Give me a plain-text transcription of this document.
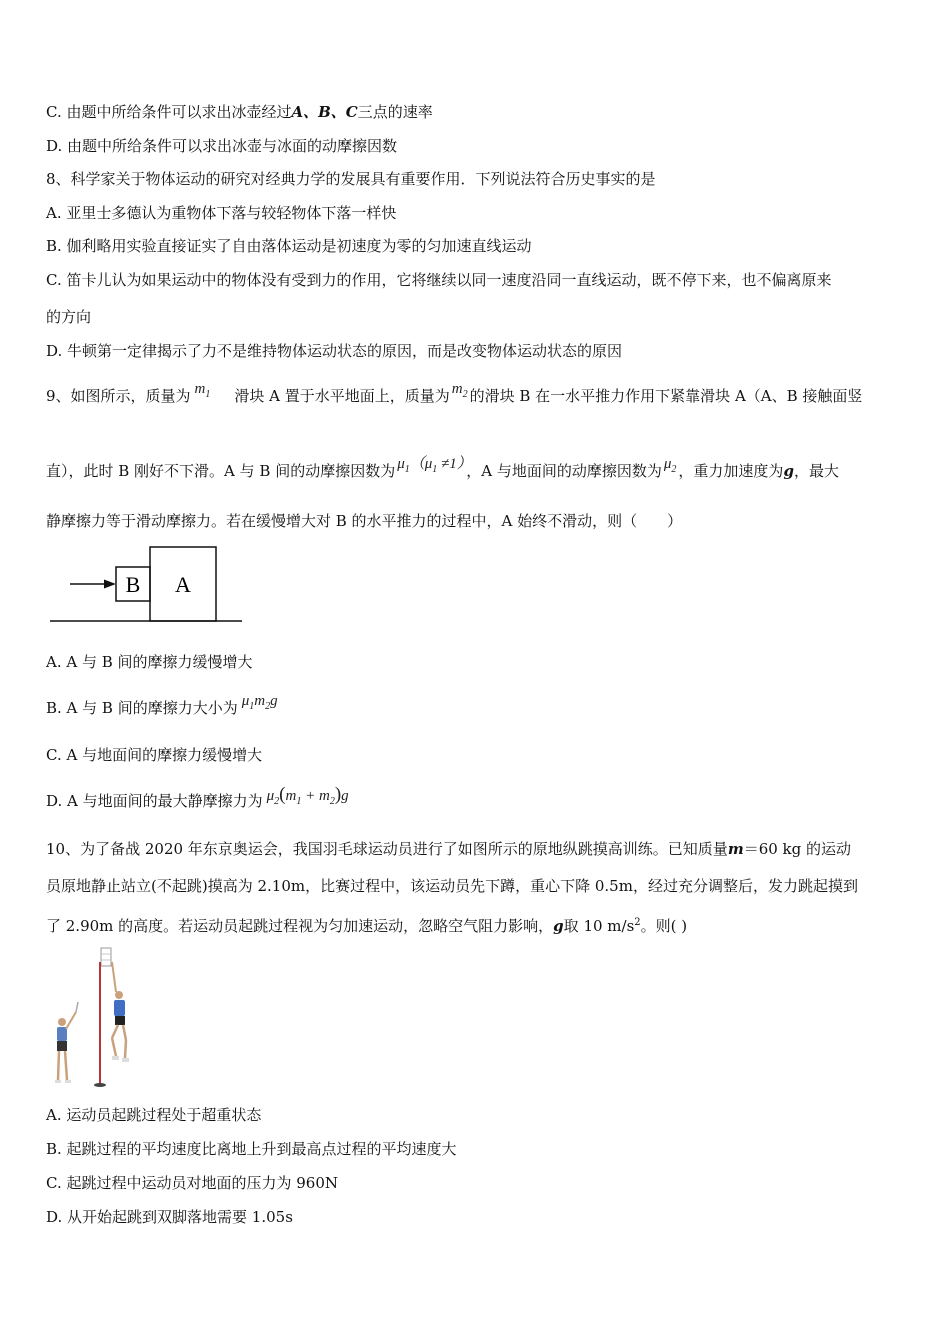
C. 由题中所给条件可以求出冰壶经过A、B、C三点的速率
D. 由题中所给条件可以求出冰壶与冰面的动摩擦因数
8、科学家关于物体运动的研究对经典力学的发展具有重要作用．下列说法符合历史事实的是
A. 亚里士多德认为重物体下落与较轻物体下落一样快
B. 伽利略用实验直接证实了自由落体运动是初速度为零的匀加速直线运动
C. 笛卡儿认为如果运动中的物体没有受到力的作用，它将继续以同一速度沿同一直线运动，既不停下来，也不偏离原来
的方向
D. 牛顿第一定律揭示了力不是维持物体运动状态的原因，而是改变物体运动状态的原因
9、如图所示，质量为 $m_1$ 滑块 A 置于水平地面上，质量为 $m_2$ 的滑块 B 在一水平推力作用下紧靠滑块 A（A、B 接触面竖
直），此时 B 刚好不下滑。A 与 B 间的动摩擦因数为 $\mu_1(\mu_1 \ne 1)$ ，A 与地面间的动摩擦因数为 $\mu_2$ ，重力加速度为g，最大
静摩擦力等于滑动摩擦力。若在缓慢增大对 B 的水平推力的过程中，A 始终不滑动，则（　　）
B A
A. A 与 B 间的摩擦力缓慢增大
B. A 与 B 间的摩擦力大小为 $\mu_1m_2g$
C. A 与地面间的摩擦力缓慢增大
D. A 与地面间的最大静摩擦力为 $\mu_2(m_1 + m_2)g$
10、为了备战 2020 年东京奥运会，我国羽毛球运动员进行了如图所示的原地纵跳摸高训练。已知质量m＝60 kg 的运动
员原地静止站立(不起跳)摸高为 2.10m，比赛过程中，该运动员先下蹲，重心下降 0.5m，经过充分调整后，发力跳起摸到
了 2.90m 的高度。若运动员起跳过程视为匀加速运动，忽略空气阻力影响，g取 10 $m/s^2$。则( )
A. 运动员起跳过程处于超重状态
B. 起跳过程的平均速度比离地上升到最高点过程的平均速度大
C. 起跳过程中运动员对地面的压力为 960N
D. 从开始起跳到双脚落地需要 1.05s
